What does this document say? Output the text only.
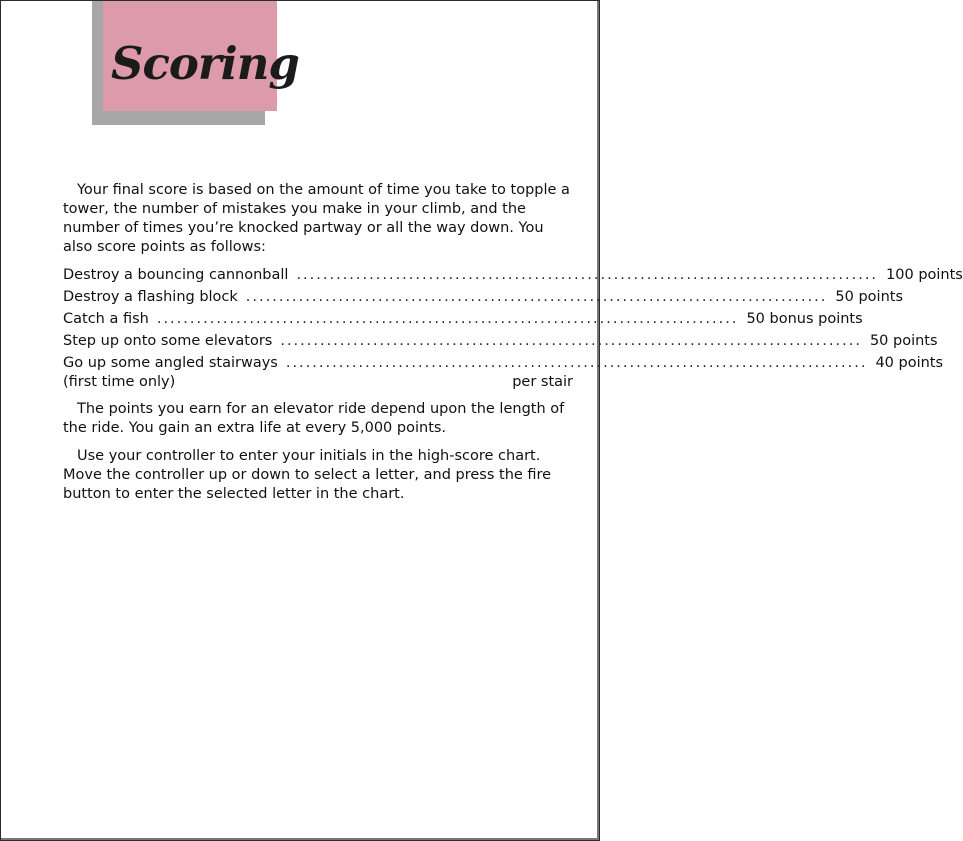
Scoring

Your final score is based on the amount of time you take to topple a tower, the number of mistakes you make in your climb, and the number of times you’re knocked partway or all the way down. You also score points as follows:

Destroy a bouncing cannonball ........................................................................................ 100 points
Destroy a flashing block ........................................................................................ 50 points
Catch a fish ........................................................................................ 50 bonus points
Step up onto some elevators ........................................................................................ 50 points
Go up some angled stairways ........................................................................................ 40 points
(first time only)	per stair

The points you earn for an elevator ride depend upon the length of the ride. You gain an extra life at every 5,000 points.

Use your controller to enter your initials in the high-score chart. Move the controller up or down to select a letter, and press the fire button to enter the selected letter in the chart.
